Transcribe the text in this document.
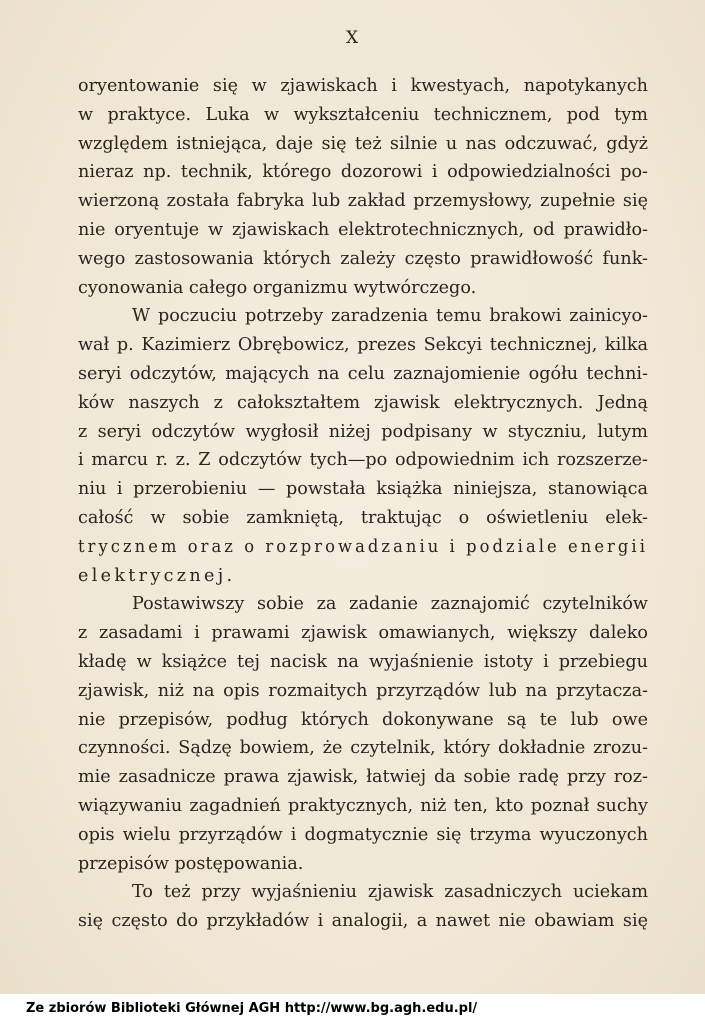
X
oryentowanie się w zjawiskach i kwestyach, napotykanych
w praktyce. Luka w wykształceniu technicznem, pod tym
względem istniejąca, daje się też silnie u nas odczuwać, gdyż
nieraz np. technik, którego dozorowi i odpowiedzialności po-
wierzoną została fabryka lub zakład przemysłowy, zupełnie się
nie oryentuje w zjawiskach elektrotechnicznych, od prawidło-
wego zastosowania których zależy często prawidłowość funk-
cyonowania całego organizmu wytwórczego.
W poczuciu potrzeby zaradzenia temu brakowi zainicyo-
wał p. Kazimierz Obrębowicz, prezes Sekcyi technicznej, kilka
seryi odczytów, mających na celu zaznajomienie ogółu techni-
ków naszych z całokształtem zjawisk elektrycznych. Jedną
z seryi odczytów wygłosił niżej podpisany w styczniu, lutym
i marcu r. z. Z odczytów tych—po odpowiednim ich rozszerze-
niu i przerobieniu — powstała książka niniejsza, stanowiąca
całość w sobie zamkniętą, traktując o oświetleniu elek-
trycznem oraz o rozprowadzaniu i podziale energii
elektrycznej.
Postawiwszy sobie za zadanie zaznajomić czytelników
z zasadami i prawami zjawisk omawianych, większy daleko
kładę w książce tej nacisk na wyjaśnienie istoty i przebiegu
zjawisk, niż na opis rozmaitych przyrządów lub na przytacza-
nie przepisów, podług których dokonywane są te lub owe
czynności. Sądzę bowiem, że czytelnik, który dokładnie zrozu-
mie zasadnicze prawa zjawisk, łatwiej da sobie radę przy roz-
wiązywaniu zagadnień praktycznych, niż ten, kto poznał suchy
opis wielu przyrządów i dogmatycznie się trzyma wyuczonych
przepisów postępowania.
To też przy wyjaśnieniu zjawisk zasadniczych uciekam
się często do przykładów i analogii, a nawet nie obawiam się
Ze zbiorów Biblioteki Głównej AGH http://www.bg.agh.edu.pl/
